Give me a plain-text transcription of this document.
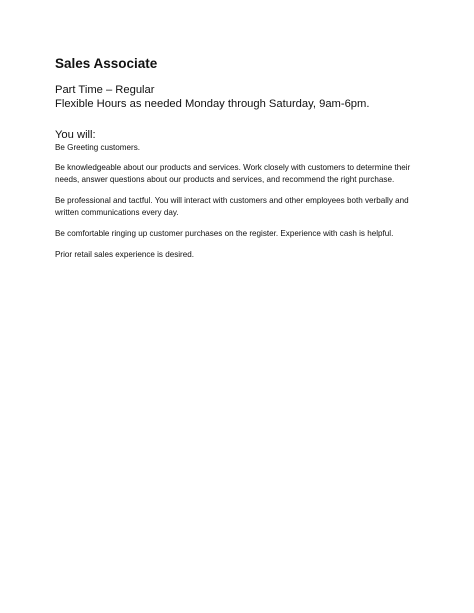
Sales Associate
Part Time – Regular
Flexible Hours as needed Monday through Saturday, 9am-6pm.
You will:
Be Greeting customers.
Be knowledgeable about our products and services. Work closely with customers to determine their needs, answer questions about our products and services, and recommend the right purchase.
Be professional and tactful. You will interact with customers and other employees both verbally and written communications every day.
Be comfortable ringing up customer purchases on the register. Experience with cash is helpful.
Prior retail sales experience is desired.
